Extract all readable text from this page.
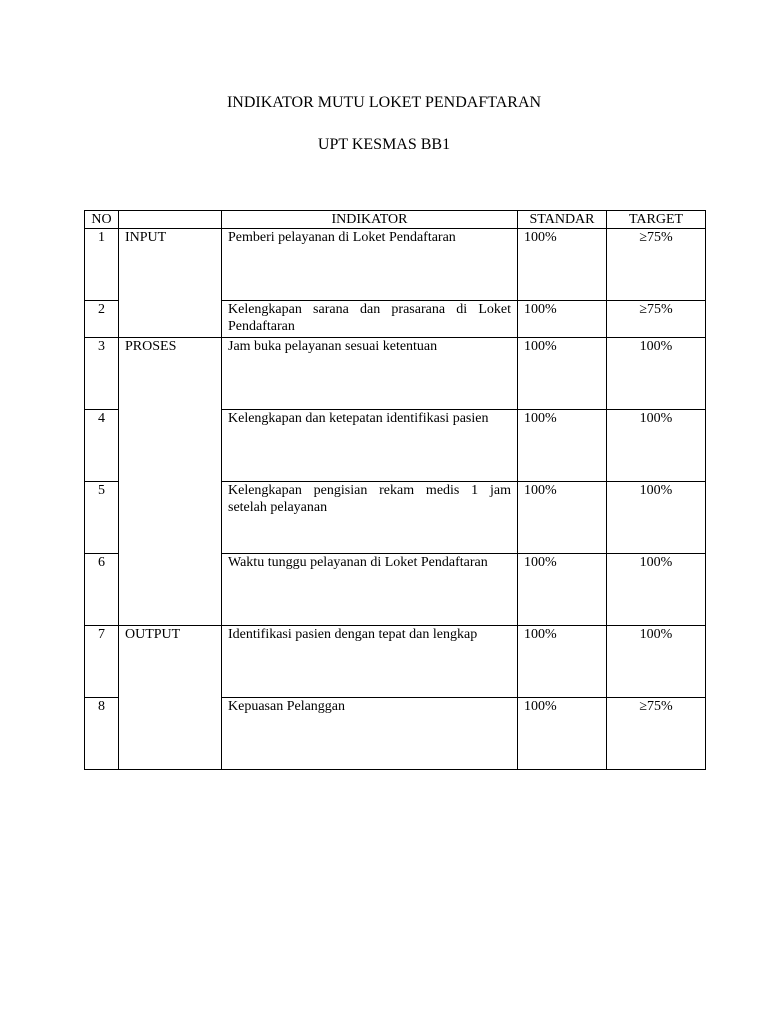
INDIKATOR MUTU LOKET PENDAFTARAN
UPT KESMAS BB1
NO		INDIKATOR	STANDAR	TARGET
1	INPUT	Pemberi pelayanan di Loket Pendaftaran	100%	≥75%
2		Kelengkapan sarana dan prasarana di Loket Pendaftaran	100%	≥75%
3	PROSES	Jam buka pelayanan sesuai ketentuan	100%	100%
4		Kelengkapan dan ketepatan identifikasi pasien	100%	100%
5		Kelengkapan pengisian rekam medis 1 jam setelah pelayanan	100%	100%
6		Waktu tunggu pelayanan di Loket Pendaftaran	100%	100%
7	OUTPUT	Identifikasi pasien dengan tepat dan lengkap	100%	100%
8		Kepuasan Pelanggan	100%	≥75%
